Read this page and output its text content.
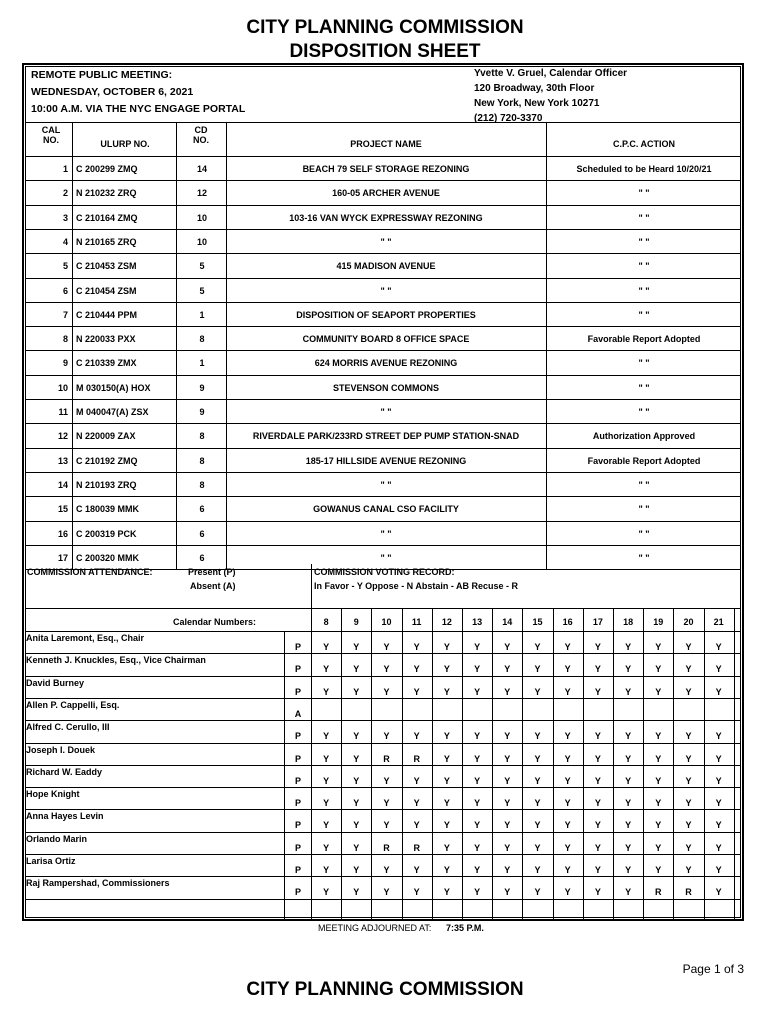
CITY PLANNING COMMISSION
DISPOSITION SHEET
REMOTE PUBLIC MEETING:
WEDNESDAY, OCTOBER 6, 2021
10:00 A.M. VIA THE NYC ENGAGE PORTAL
Yvette V. Gruel, Calendar Officer
120 Broadway, 30th Floor
New York, New York 10271
(212) 720-3370
CAL
NO.	ULURP NO.
CD
NO.	PROJECT NAME	C.P.C. ACTION
1 C 200299 ZMQ	14	BEACH 79 SELF STORAGE REZONING	Scheduled to be Heard 10/20/21
2 N 210232 ZRQ	12	160-05 ARCHER AVENUE	" "
3 C 210164 ZMQ	10	103-16 VAN WYCK EXPRESSWAY REZONING	" "
4 N 210165 ZRQ	10	" "	" "
5 C 210453 ZSM	5	415 MADISON AVENUE	" "
6 C 210454 ZSM	5	" "	" "
7 C 210444 PPM	1	DISPOSITION OF SEAPORT PROPERTIES	" "
8 N 220033 PXX	8	COMMUNITY BOARD 8 OFFICE SPACE	Favorable Report Adopted
9 C 210339 ZMX	1	624 MORRIS AVENUE REZONING	" "
10 M 030150(A) HOX	9	STEVENSON COMMONS	" "
11 M 040047(A) ZSX	9	" "	" "
12 N 220009 ZAX	8	RIVERDALE PARK/233RD STREET DEP PUMP STATION-SNAD	Authorization Approved
13 C 210192 ZMQ	8	185-17 HILLSIDE AVENUE REZONING	Favorable Report Adopted
14 N 210193 ZRQ	8	" "	" "
15 C 180039 MMK	6	GOWANUS CANAL CSO FACILITY	" "
16 C 200319 PCK	6	" "	" "
17 C 200320 MMK	6	" "	" "
COMMISSION ATTENDANCE:	Present (P)
Absent (A)
COMMISSION VOTING RECORD:
In Favor - Y Oppose - N Abstain - AB Recuse - R
Calendar Numbers:	8	9	10	11	12	13	14	15	16	17	18	19	20	21
Anita Laremont, Esq., Chair
P	Y	Y	Y	Y	Y	Y	Y	Y	Y	Y	Y	Y	Y	Y
Kenneth J. Knuckles, Esq., Vice Chairman
P	Y	Y	Y	Y	Y	Y	Y	Y	Y	Y	Y	Y	Y	Y
David Burney
P	Y	Y	Y	Y	Y	Y	Y	Y	Y	Y	Y	Y	Y	Y
Allen P. Cappelli, Esq.
A
Alfred C. Cerullo, III
P	Y	Y	Y	Y	Y	Y	Y	Y	Y	Y	Y	Y	Y	Y
Joseph I. Douek
P	Y	Y	R	R	Y	Y	Y	Y	Y	Y	Y	Y	Y	Y
Richard W. Eaddy
P	Y	Y	Y	Y	Y	Y	Y	Y	Y	Y	Y	Y	Y	Y
Hope Knight
P	Y	Y	Y	Y	Y	Y	Y	Y	Y	Y	Y	Y	Y	Y
Anna Hayes Levin
P	Y	Y	Y	Y	Y	Y	Y	Y	Y	Y	Y	Y	Y	Y
Orlando Marin
P	Y	Y	R	R	Y	Y	Y	Y	Y	Y	Y	Y	Y	Y
Larisa Ortiz
P	Y	Y	Y	Y	Y	Y	Y	Y	Y	Y	Y	Y	Y	Y
Raj Rampershad, Commissioners
P	Y	Y	Y	Y	Y	Y	Y	Y	Y	Y	Y	R	R	Y
MEETING ADJOURNED AT: 7:35 P.M.
Page 1 of 3
CITY PLANNING COMMISSION
